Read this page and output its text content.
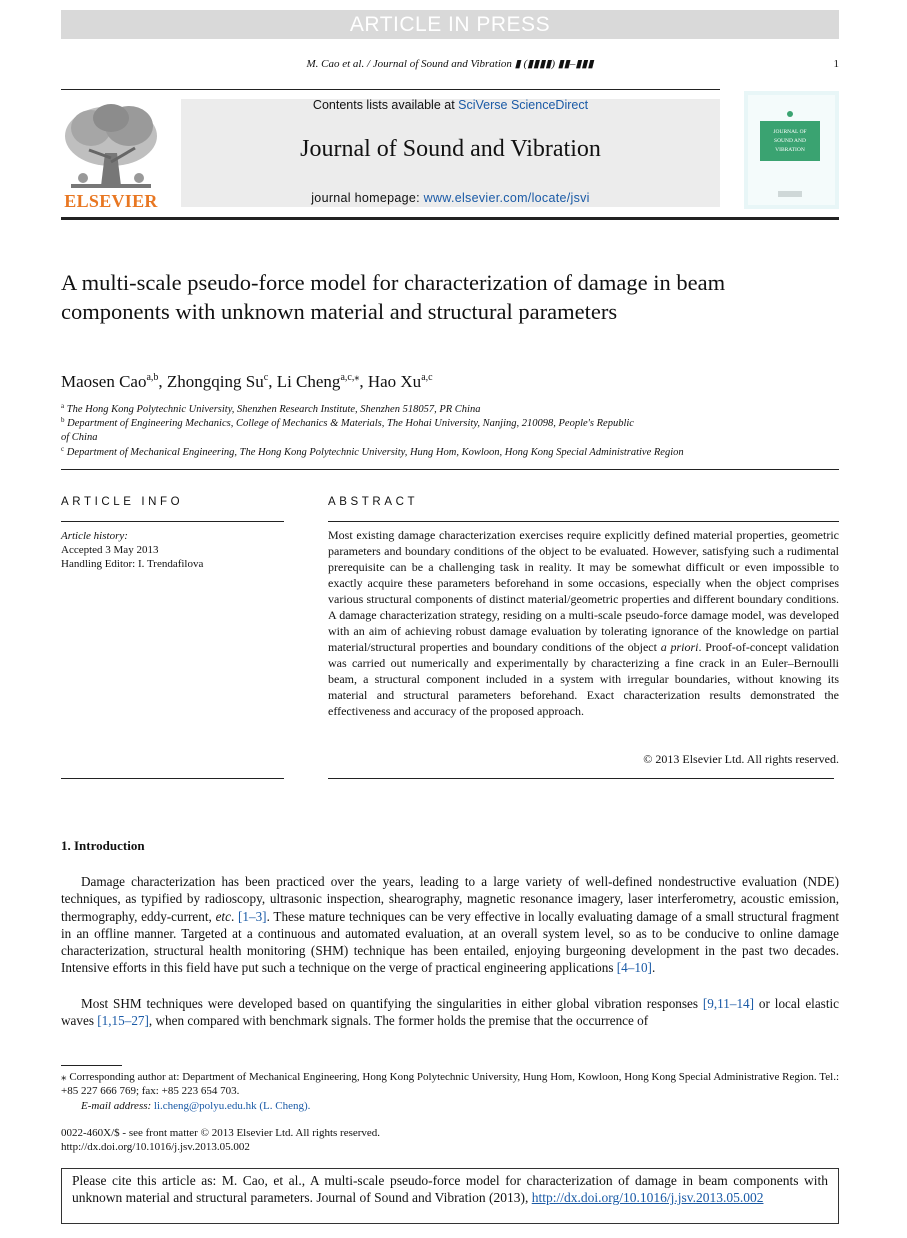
ARTICLE IN PRESS
M. Cao et al. / Journal of Sound and Vibration ▮ (▮▮▮▮) ▮▮–▮▮▮	1
ELSEVIER
Contents lists available at SciVerse ScienceDirect
Journal of Sound and Vibration
journal homepage: www.elsevier.com/locate/jsvi
JOURNAL OF
SOUND AND
VIBRATION
A multi-scale pseudo-force model for characterization of damage in beam components with unknown material and structural parameters
Maosen Cao$^{a,b}$, Zhongqing Su$^c$, Li Cheng$^{a,c,⁎}$, Hao Xu$^{a,c}$
$^a$ The Hong Kong Polytechnic University, Shenzhen Research Institute, Shenzhen 518057, PR China
$^b$ Department of Engineering Mechanics, College of Mechanics & Materials, The Hohai University, Nanjing, 210098, People's Republic of China
$^c$ Department of Mechanical Engineering, The Hong Kong Polytechnic University, Hung Hom, Kowloon, Hong Kong Special Administrative Region
ARTICLE INFO
Article history:
Accepted 3 May 2013
Handling Editor: I. Trendafilova
ABSTRACT
Most existing damage characterization exercises require explicitly defined material properties, geometric parameters and boundary conditions of the object to be evaluated. However, satisfying such a rudimental prerequisite can be a challenging task in reality. It may be somewhat difficult or even impossible to exactly acquire these parameters beforehand in some occasions, especially when the object comprises various structural components of distinct material/geometric properties and different boundary conditions. A damage characterization strategy, residing on a multi-scale pseudo-force damage model, was developed with an aim of achieving robust damage evaluation by tolerating ignorance of the knowledge on partial material/structural properties and boundary conditions of the object a priori. Proof-of-concept validation was carried out numerically and experimentally by characterizing a fine crack in an Euler–Bernoulli beam, a structural component included in a system with irregular boundaries, without knowing its material and structural parameters beforehand. Exact characterization results demonstrated the effectiveness and accuracy of the proposed approach.
© 2013 Elsevier Ltd. All rights reserved.
1. Introduction
Damage characterization has been practiced over the years, leading to a large variety of well-defined nondestructive evaluation (NDE) techniques, as typified by radioscopy, ultrasonic inspection, shearography, magnetic resonance imagery, laser interferometry, acoustic emission, thermography, eddy-current, etc. [1–3]. These mature techniques can be very effective in locally evaluating damage of a small structural fragment in an offline manner. Targeted at a continuous and automated evaluation, at an overall system level, so as to be conducive to online damage characterization, structural health monitoring (SHM) technique has been entailed, enjoying burgeoning development in the past two decades. Intensive efforts in this field have put such a technique on the verge of practical engineering applications [4–10].
Most SHM techniques were developed based on quantifying the singularities in either global vibration responses [9,11–14] or local elastic waves [1,15–27], when compared with benchmark signals. The former holds the premise that the occurrence of
⁎ Corresponding author at: Department of Mechanical Engineering, Hong Kong Polytechnic University, Hung Hom, Kowloon, Hong Kong Special Administrative Region. Tel.: +85 227 666 769; fax: +85 223 654 703.
E-mail address: li.cheng@polyu.edu.hk (L. Cheng).
0022-460X/$ - see front matter © 2013 Elsevier Ltd. All rights reserved.
http://dx.doi.org/10.1016/j.jsv.2013.05.002
Please cite this article as: M. Cao, et al., A multi-scale pseudo-force model for characterization of damage in beam components with unknown material and structural parameters. Journal of Sound and Vibration (2013), http://dx.doi.org/10.1016/j.jsv.2013.05.002
